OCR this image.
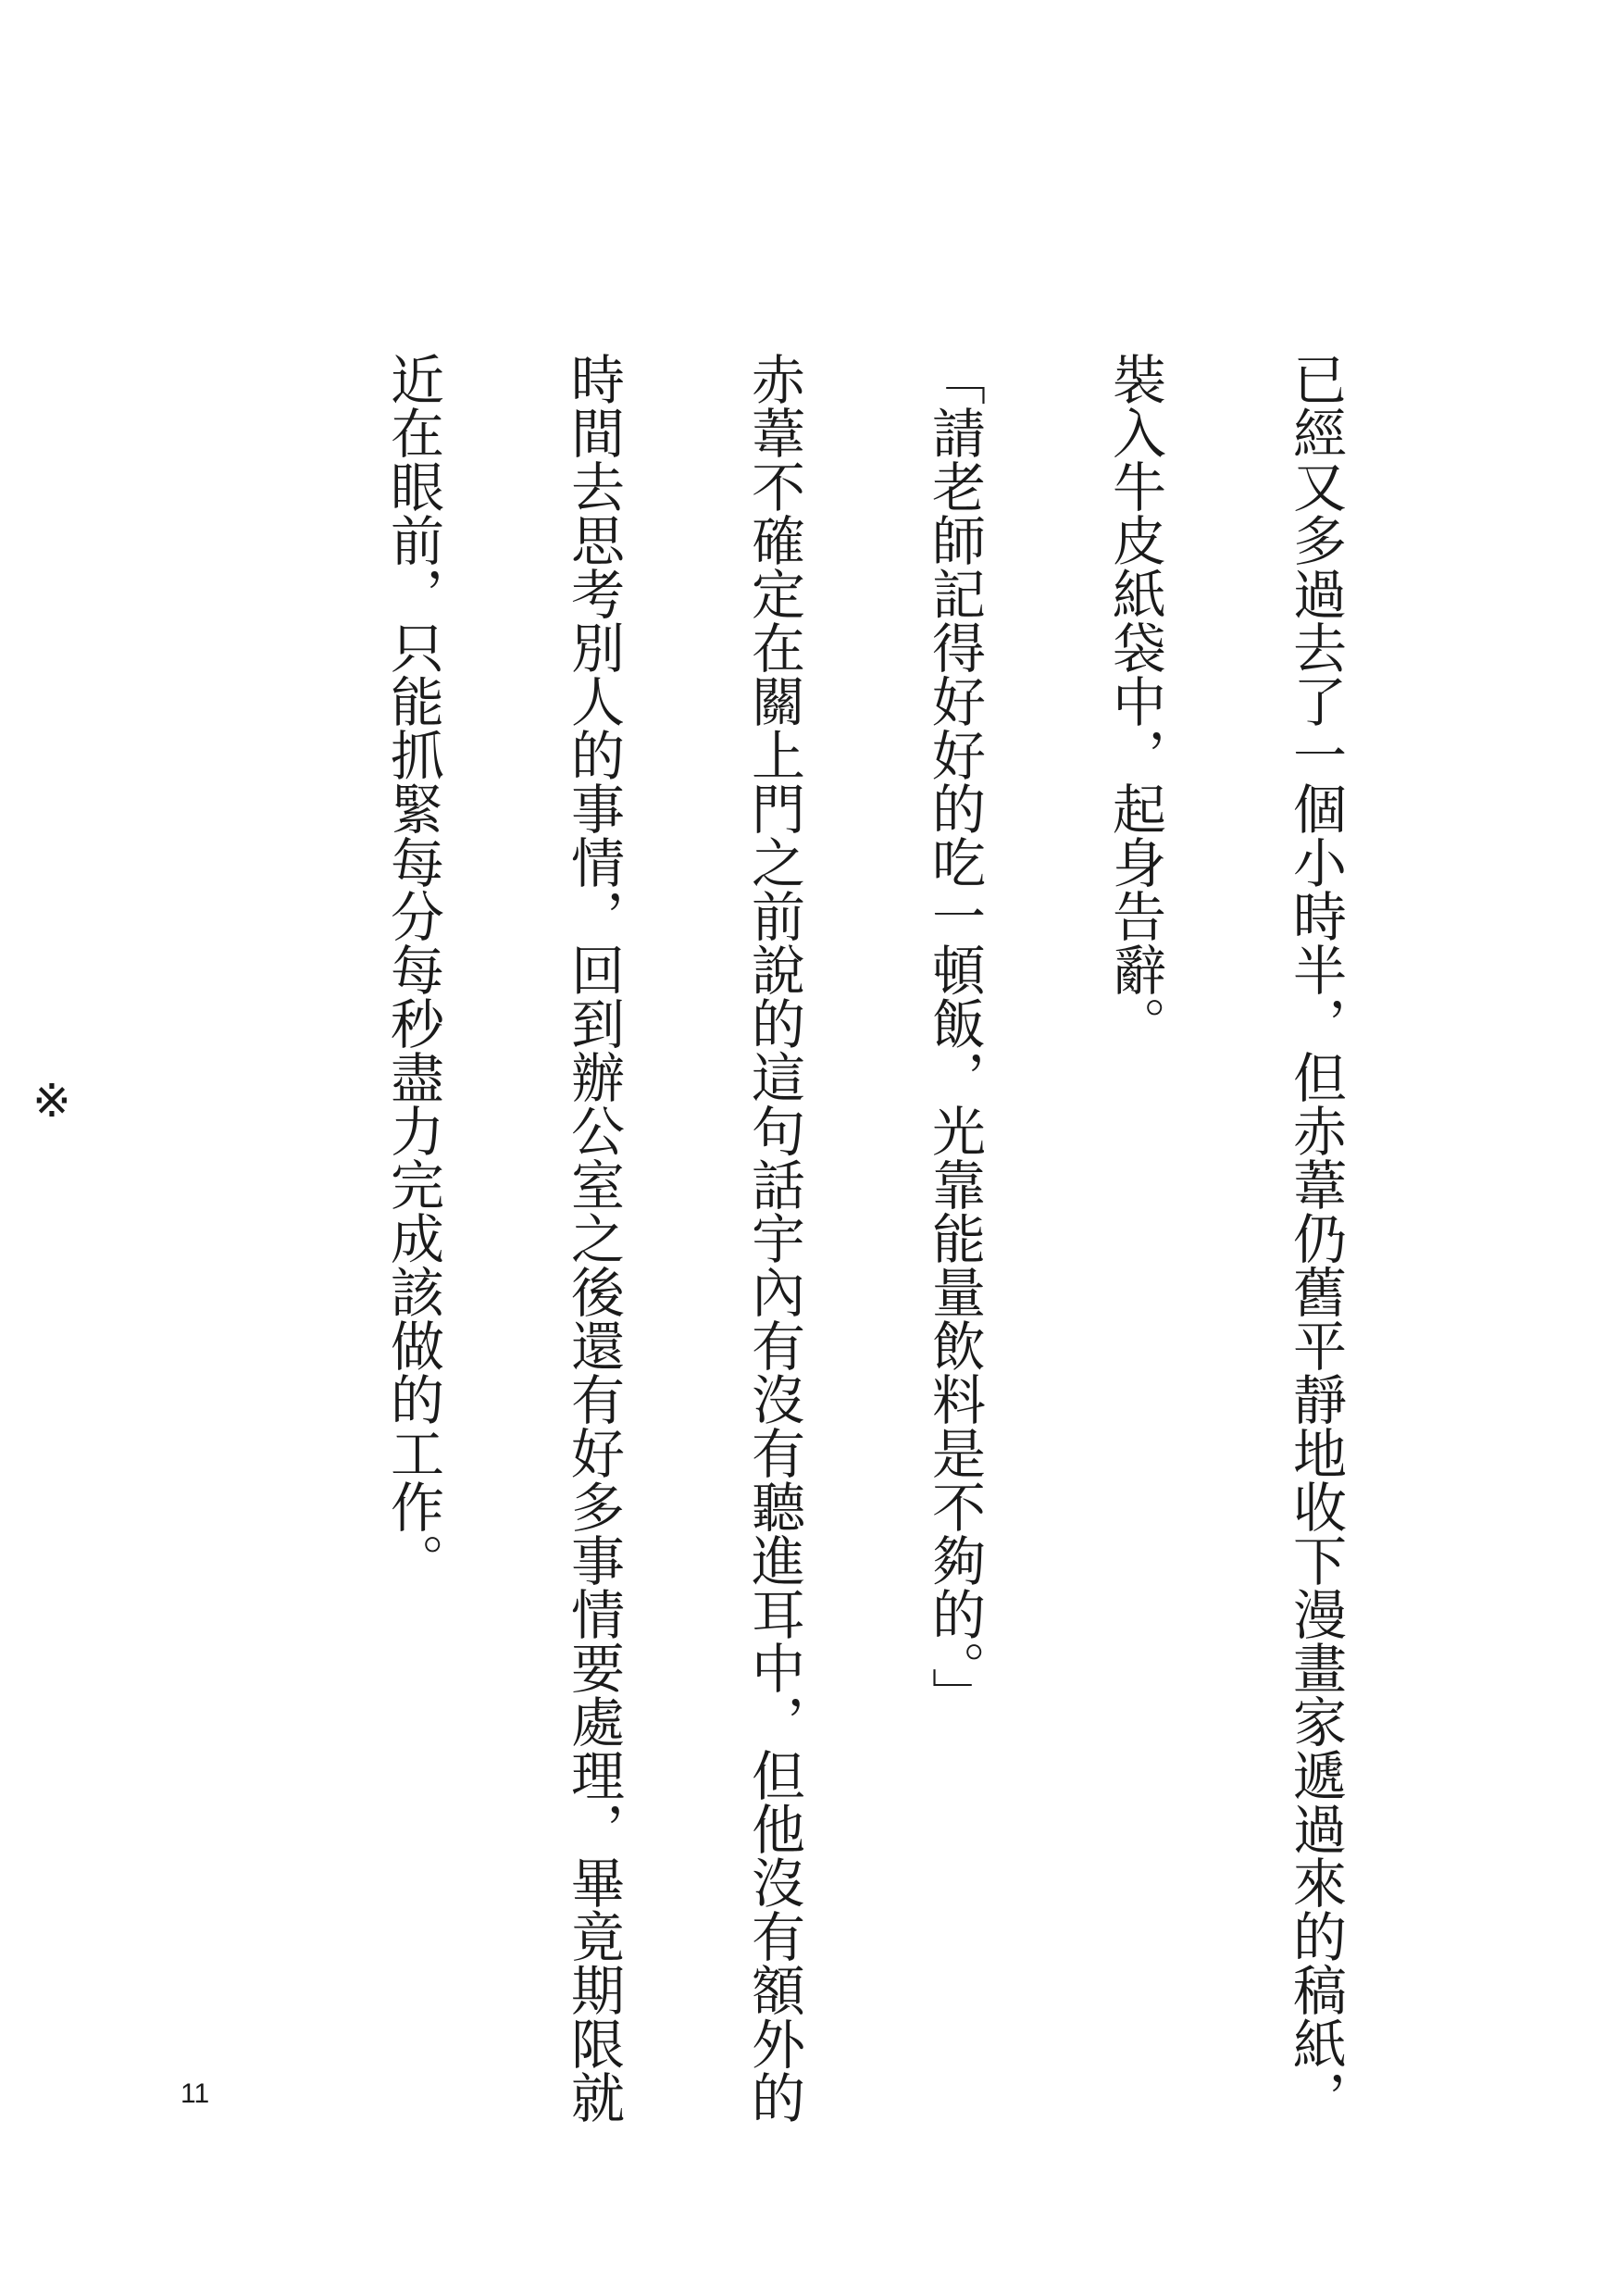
已經又多過去了一個小時半，但赤葦仍舊平靜地收下漫畫家遞過來的稿紙，

裝入牛皮紙袋中，起身告辭。

「請老師記得好好的吃一頓飯，光靠能量飲料是不夠的。」

赤葦不確定在關上門之前說的這句話宇內有沒有聽進耳中，但他沒有額外的

時間去思考別人的事情，回到辦公室之後還有好多事情要處理，畢竟期限就

近在眼前，只能抓緊每分每秒盡力完成該做的工作。

※

11
